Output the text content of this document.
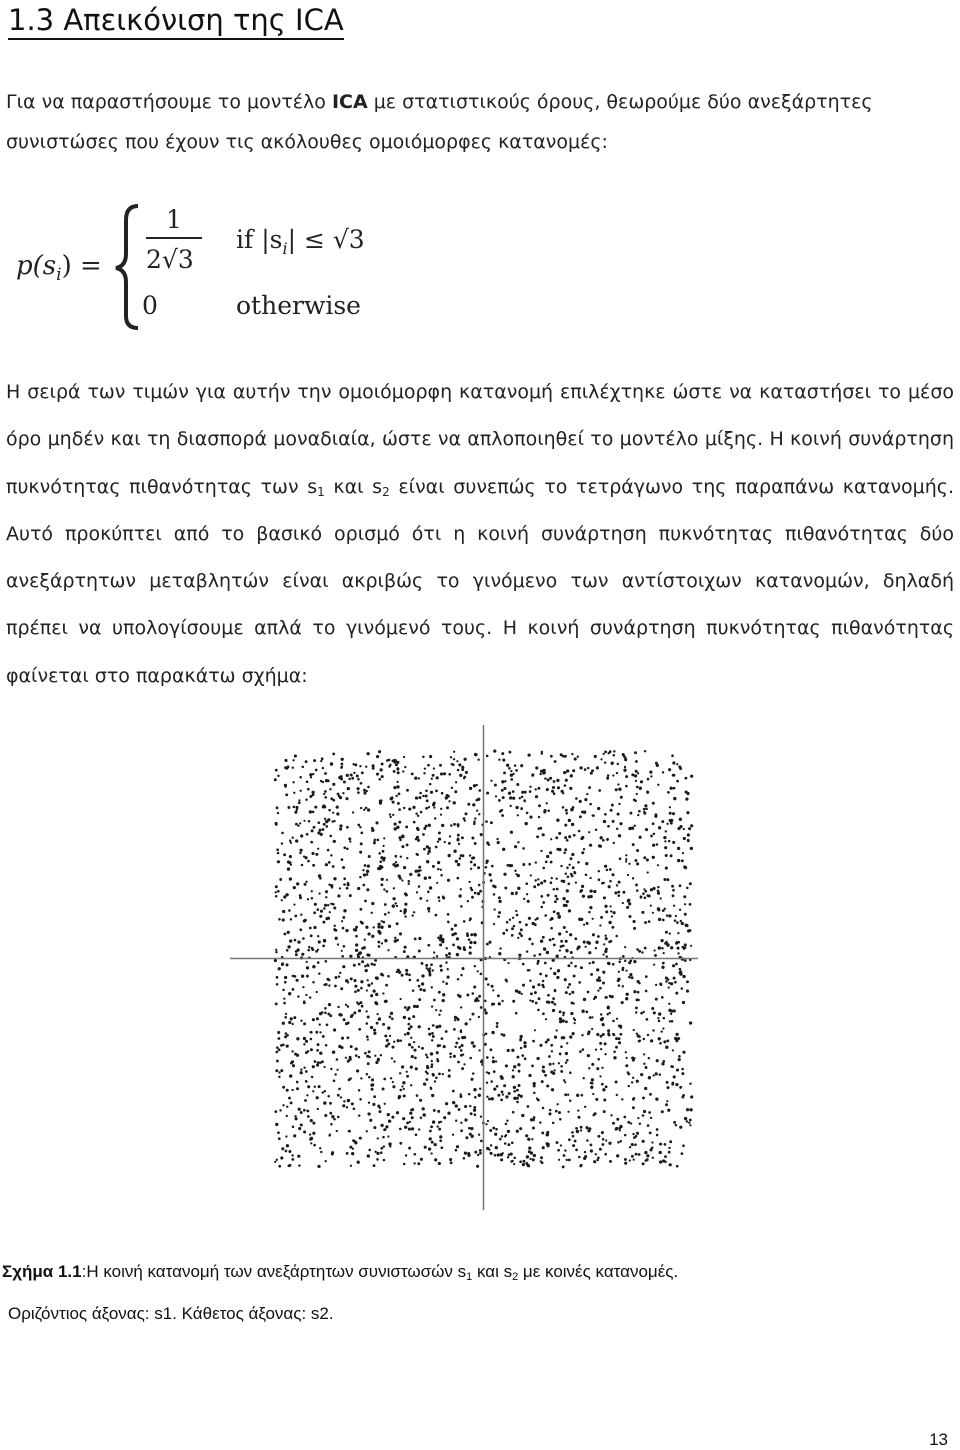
1.3 Απεικόνιση της ICA

Για να παραστήσουμε το μοντέλο ICA με στατιστικούς όρους, θεωρούμε δύο ανεξάρτητες συνιστώσες που έχουν τις ακόλουθες ομοιόμορφες κατανομές:

$p(s_i)$ =
1
2√3
if $|s_i| \le √3$
0	otherwise

Η σειρά των τιμών για αυτήν την ομοιόμορφη κατανομή επιλέχτηκε ώστε να καταστήσει το μέσο όρο μηδέν και τη διασπορά μοναδιαία, ώστε να απλοποιηθεί το μοντέλο μίξης. Η κοινή συνάρτηση πυκνότητας πιθανότητας των $s_1$ και $s_2$ είναι συνεπώς το τετράγωνο της παραπάνω κατανομής. Αυτό προκύπτει από το βασικό ορισμό ότι η κοινή συνάρτηση πυκνότητας πιθανότητας δύο ανεξάρτητων μεταβλητών είναι ακριβώς το γινόμενο των αντίστοιχων κατανομών, δηλαδή πρέπει να υπολογίσουμε απλά το γινόμενό τους. Η κοινή συνάρτηση πυκνότητας πιθανότητας φαίνεται στο παρακάτω σχήμα:

Σχήμα 1.1:Η κοινή κατανομή των ανεξάρτητων συνιστωσών $s_1$ και $s_2$ με κοινές κατανομές.

Οριζόντιος άξονας: s1. Κάθετος άξονας: s2.

13
